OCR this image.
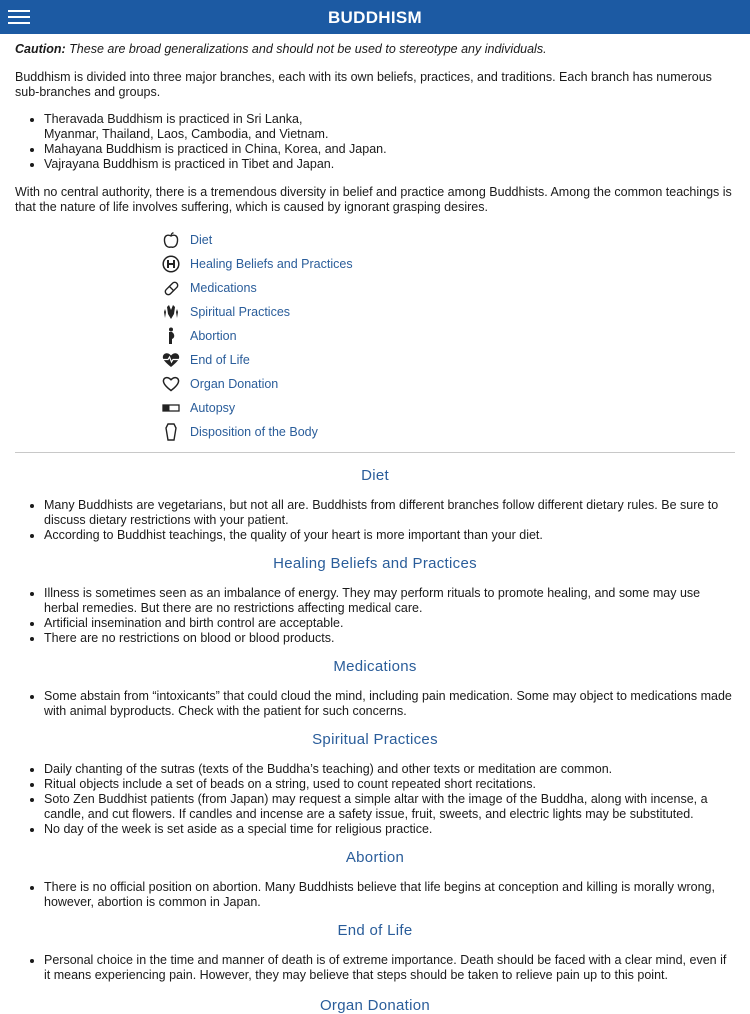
BUDDHISM

Caution: These are broad generalizations and should not be used to stereotype any individuals.

Buddhism is divided into three major branches, each with its own beliefs, practices, and traditions. Each branch has numerous sub-branches and groups.

• Theravada Buddhism is practiced in Sri Lanka,
Myanmar, Thailand, Laos, Cambodia, and Vietnam.
• Mahayana Buddhism is practiced in China, Korea, and Japan.
• Vajrayana Buddhism is practiced in Tibet and Japan.

With no central authority, there is a tremendous diversity in belief and practice among Buddhists. Among the common teachings is that the nature of life involves suffering, which is caused by ignorant grasping desires.

Diet
Healing Beliefs and Practices
Medications
Spiritual Practices
Abortion
End of Life
Organ Donation
Autopsy
Disposition of the Body
Diet
• Many Buddhists are vegetarians, but not all are. Buddhists from different branches follow different dietary rules. Be sure to discuss dietary restrictions with your patient.
• According to Buddhist teachings, the quality of your heart is more important than your diet.
Healing Beliefs and Practices
• Illness is sometimes seen as an imbalance of energy. They may perform rituals to promote healing, and some may use herbal remedies. But there are no restrictions affecting medical care.
• Artificial insemination and birth control are acceptable.
• There are no restrictions on blood or blood products.
Medications
• Some abstain from “intoxicants” that could cloud the mind, including pain medication. Some may object to medications made with animal byproducts. Check with the patient for such concerns.
Spiritual Practices
• Daily chanting of the sutras (texts of the Buddha’s teaching) and other texts or meditation are common.
• Ritual objects include a set of beads on a string, used to count repeated short recitations.
• Soto Zen Buddhist patients (from Japan) may request a simple altar with the image of the Buddha, along with incense, a candle, and cut flowers. If candles and incense are a safety issue, fruit, sweets, and electric lights may be substituted.
• No day of the week is set aside as a special time for religious practice.
Abortion
• There is no official position on abortion. Many Buddhists believe that life begins at conception and killing is morally wrong, however, abortion is common in Japan.
End of Life
• Personal choice in the time and manner of death is of extreme importance. Death should be faced with a clear mind, even if it means experiencing pain. However, they may believe that steps should be taken to relieve pain up to this point.
Organ Donation
